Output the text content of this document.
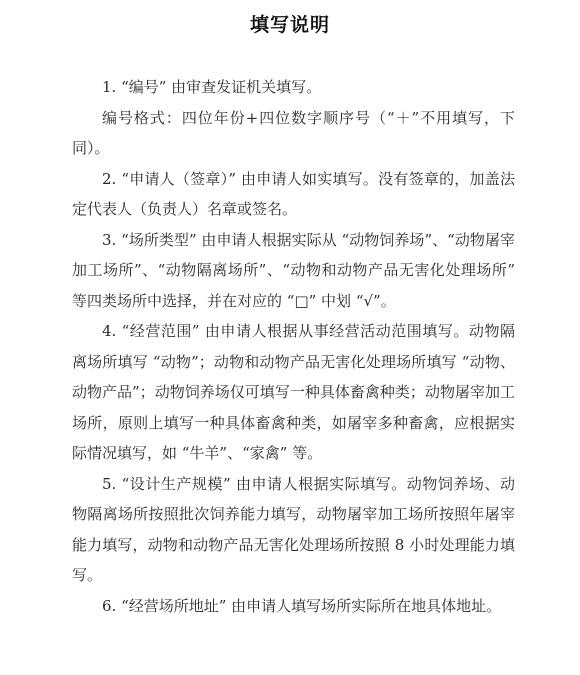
填写说明

1. “编号” 由审查发证机关填写。

编号格式：四位年份+四位数字顺序号（“＋”不用填写，下同）。

2. “申请人（签章）” 由申请人如实填写。没有签章的，加盖法定代表人（负责人）名章或签名。

3. “场所类型” 由申请人根据实际从 “动物饲养场”、“动物屠宰加工场所”、“动物隔离场所”、“动物和动物产品无害化处理场所” 等四类场所中选择，并在对应的 “□” 中划 “√”。

4. “经营范围” 由申请人根据从事经营活动范围填写。动物隔离场所填写 “动物”；动物和动物产品无害化处理场所填写 “动物、动物产品”；动物饲养场仅可填写一种具体畜禽种类；动物屠宰加工场所，原则上填写一种具体畜禽种类，如屠宰多种畜禽，应根据实际情况填写，如 “牛羊”、“家禽” 等。

5. “设计生产规模” 由申请人根据实际填写。动物饲养场、动物隔离场所按照批次饲养能力填写，动物屠宰加工场所按照年屠宰能力填写，动物和动物产品无害化处理场所按照 8 小时处理能力填写。

6. “经营场所地址” 由申请人填写场所实际所在地具体地址。
